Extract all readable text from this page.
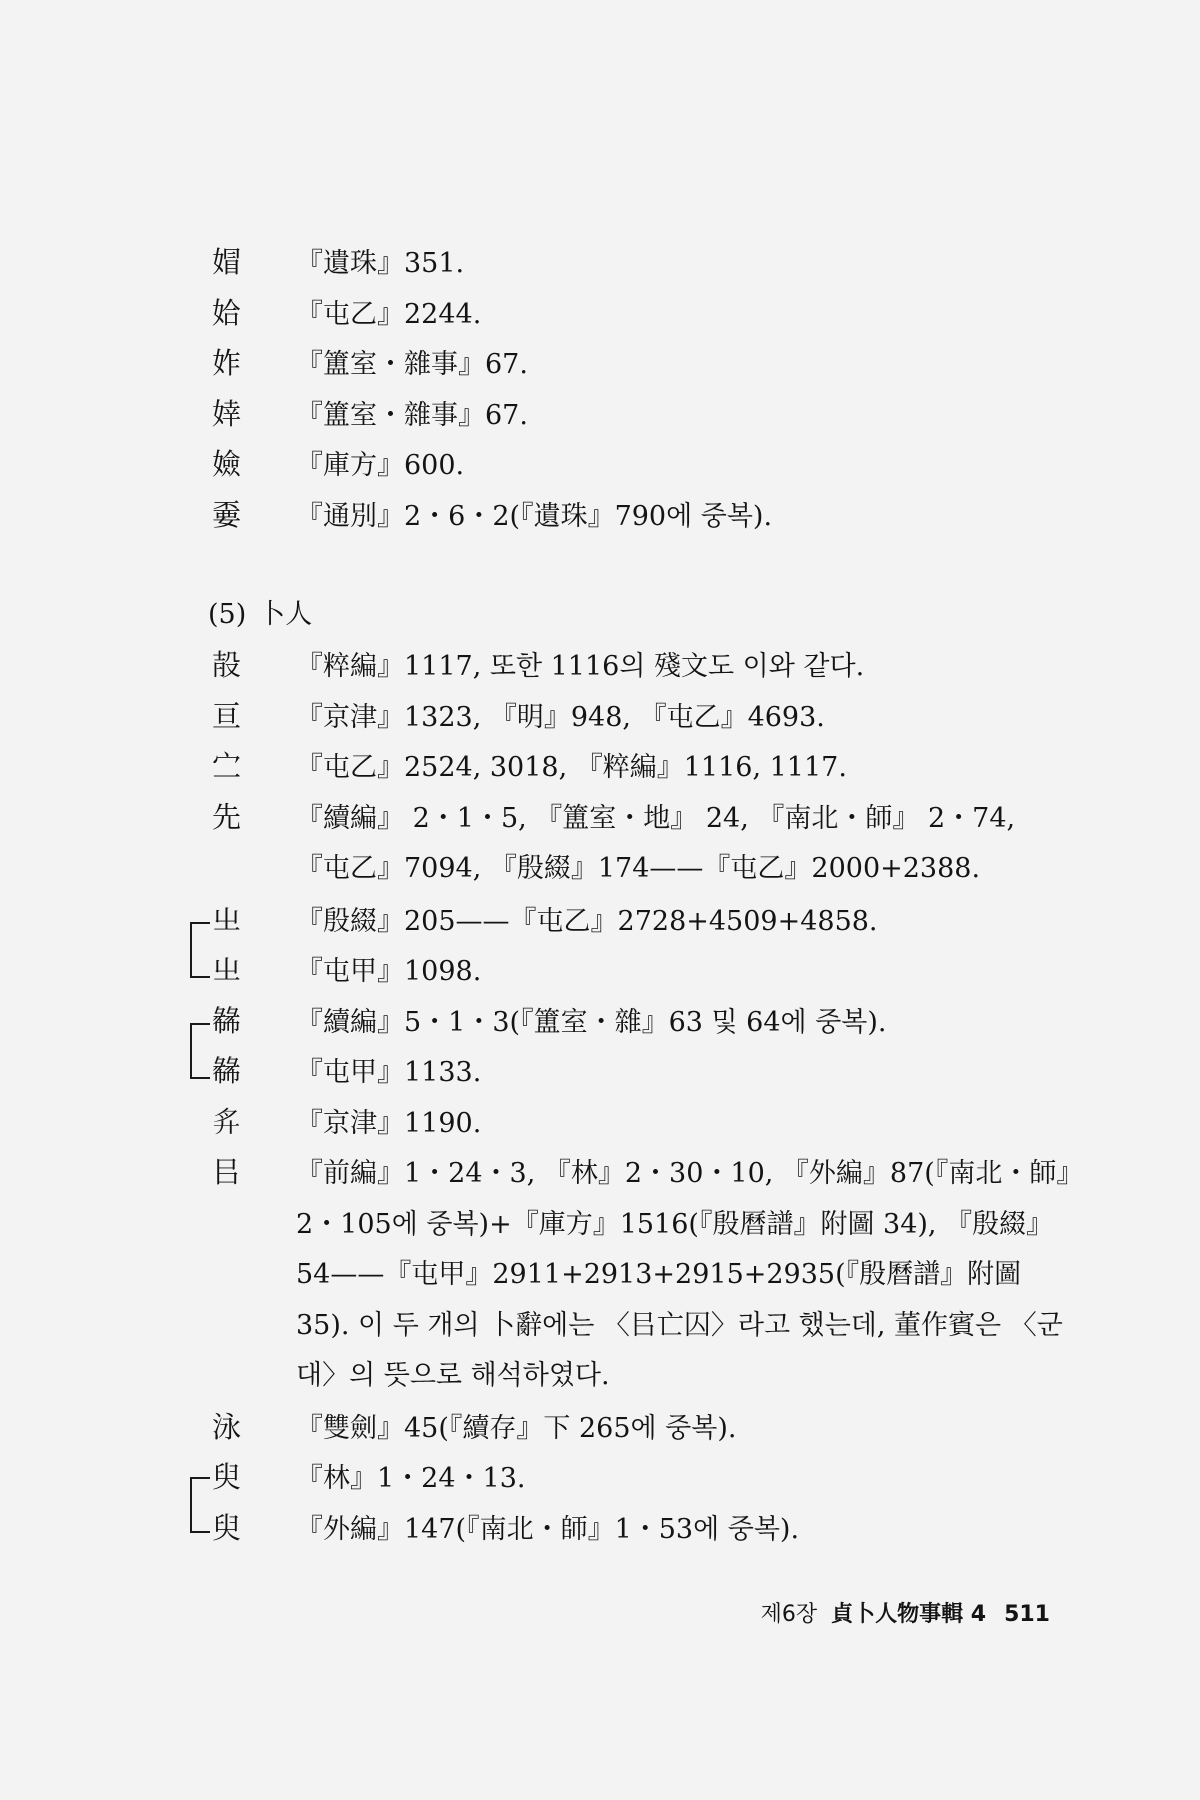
媢	『遺珠』351.
姶	『屯乙』2244.
妰	『簠室・雜事』67.
婞	『簠室・雜事』67.
嬐	『庫方』600.
嫑	『通別』2・6・2(『遺珠』790에 중복).
(5) 卜人
㱿	『粹編』1117, 또한 1116의 殘文도 이와 같다.
亘	『京津』1323, 『明』948, 『屯乙』4693.
㝉	『屯乙』2524, 3018, 『粹編』1116, 1117.
先	『續編』 2・1・5, 『簠室・地』 24, 『南北・師』 2・74, 『屯乙』7094, 『殷綴』174——『屯乙』2000+2388.
㞢	『殷綴』205——『屯乙』2728+4509+4858.
㞢	『屯甲』1098.
㣈	『續編』5・1・3(『簠室・雜』63 및 64에 중복).
㣈	『屯甲』1133.
𢌳	『京津』1190.
㠯	『前編』1・24・3, 『林』2・30・10, 『外編』87(『南北・師』2・105에 중복)+『庫方』1516(『殷曆譜』附圖 34), 『殷綴』54——『屯甲』2911+2913+2915+2935(『殷曆譜』附圖 35). 이 두 개의 卜辭에는 〈㠯亡囚〉라고 했는데, 董作賓은 〈군대〉의 뜻으로 해석하였다.
泳	『雙劍』45(『續存』下 265에 중복).
臾	『林』1・24・13.
臾	『外編』147(『南北・師』1・53에 중복).
제6장 貞卜人物事輯 4 511
